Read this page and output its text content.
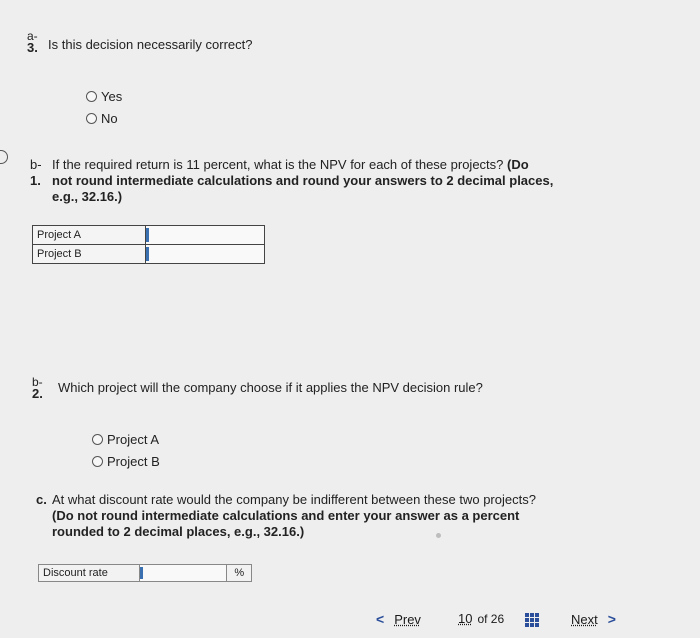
a-
3. Is this decision necessarily correct?
Yes
No
b- If the required return is 11 percent, what is the NPV for each of these projects? (Do
1. not round intermediate calculations and round your answers to 2 decimal places,
e.g., 32.16.)
Project A	
Project B	
b-
2. Which project will the company choose if it applies the NPV decision rule?
Project A
Project B
c. At what discount rate would the company be indifferent between these two projects?
(Do not round intermediate calculations and enter your answer as a percent
rounded to 2 decimal places, e.g., 32.16.)
Discount rate	%
< Prev	10 of 26	Next >
